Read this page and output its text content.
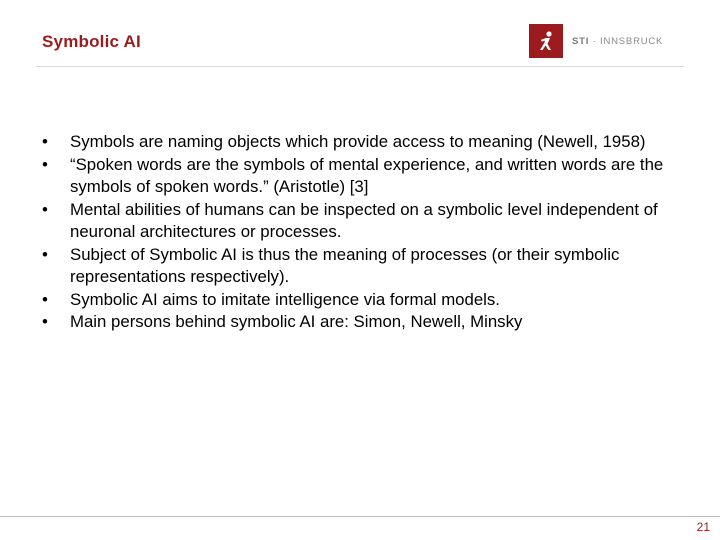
Symbolic AI	STI · INNSBRUCK
• Symbols are naming objects which provide access to meaning (Newell, 1958)
• “Spoken words are the symbols of mental experience, and written words are the symbols of spoken words.” (Aristotle) [3]
• Mental abilities of humans can be inspected on a symbolic level independent of neuronal architectures or processes.
• Subject of Symbolic AI is thus the meaning of processes (or their symbolic representations respectively).
• Symbolic AI aims to imitate intelligence via formal models.
• Main persons behind symbolic AI are: Simon, Newell, Minsky
21
